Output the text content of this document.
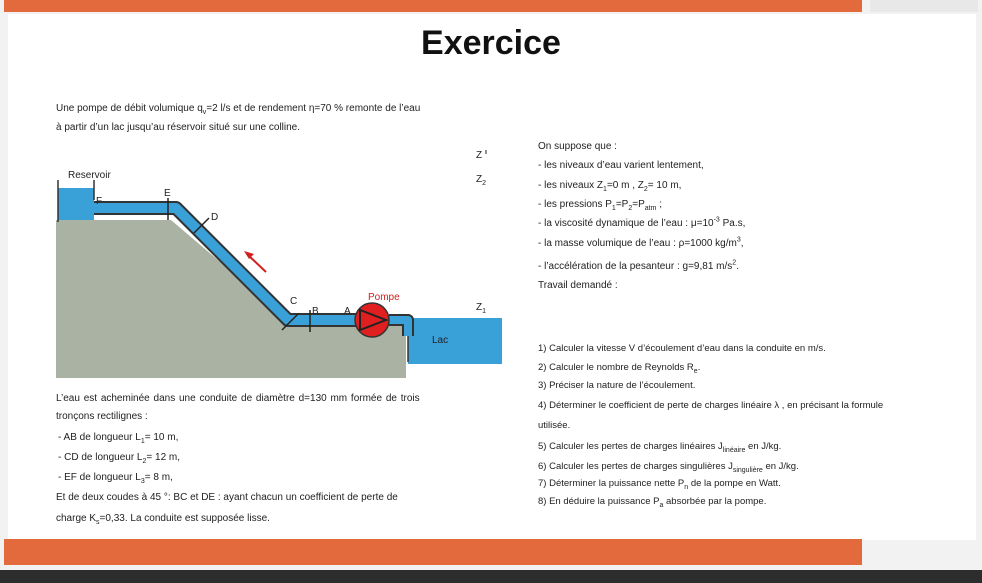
Exercice
Une pompe de débit volumique $q_v=2$ l/s et de rendement η=70 % remonte de l’eau
à partir d’un lac jusqu’au réservoir situé sur une colline.
Reservoir
Z
$Z_2$
$Z_1$
Lac
Pompe
F
E
D
C
B	A
L’eau est acheminée dans une conduite de diamètre d=130 mm formée de trois
tronçons rectilignes :
- AB de longueur $L_1= 10$ m,
- CD de longueur $L_2= 12$ m,
- EF de longueur $L_3= 8$ m,
Et de deux coudes à 45 °: BC et DE : ayant chacun un coefficient de perte de
charge $K_s=0,33$. La conduite est supposée lisse.
On suppose que :
- les niveaux d’eau varient lentement,
- les niveaux $Z_1=0$ m , $Z_2= 10$ m,
- les pressions $P_1=P_2=P_{atm}$ ;
- la viscosité dynamique de l’eau : $\mu=10^{-3}$ Pa.s,
- la masse volumique de l’eau : ρ=1000 $kg/m^3$,
- l’accélération de la pesanteur : g=9,81 $m/s^2$.
Travail demandé :
1) Calculer la vitesse V d’écoulement d’eau dans la conduite en m/s.
2) Calculer le nombre de Reynolds $R_e$.
3) Préciser la nature de l’écoulement.
4) Déterminer le coefficient de perte de charges linéaire λ , en précisant la formule
utilisée.
5) Calculer les pertes de charges linéaires $J_{linéaire}$ en J/kg.
6) Calculer les pertes de charges singulières $J_{singulière}$ en J/kg.
7) Déterminer la puissance nette $P_n$ de la pompe en Watt.
8) En déduire la puissance $P_a$ absorbée par la pompe.
